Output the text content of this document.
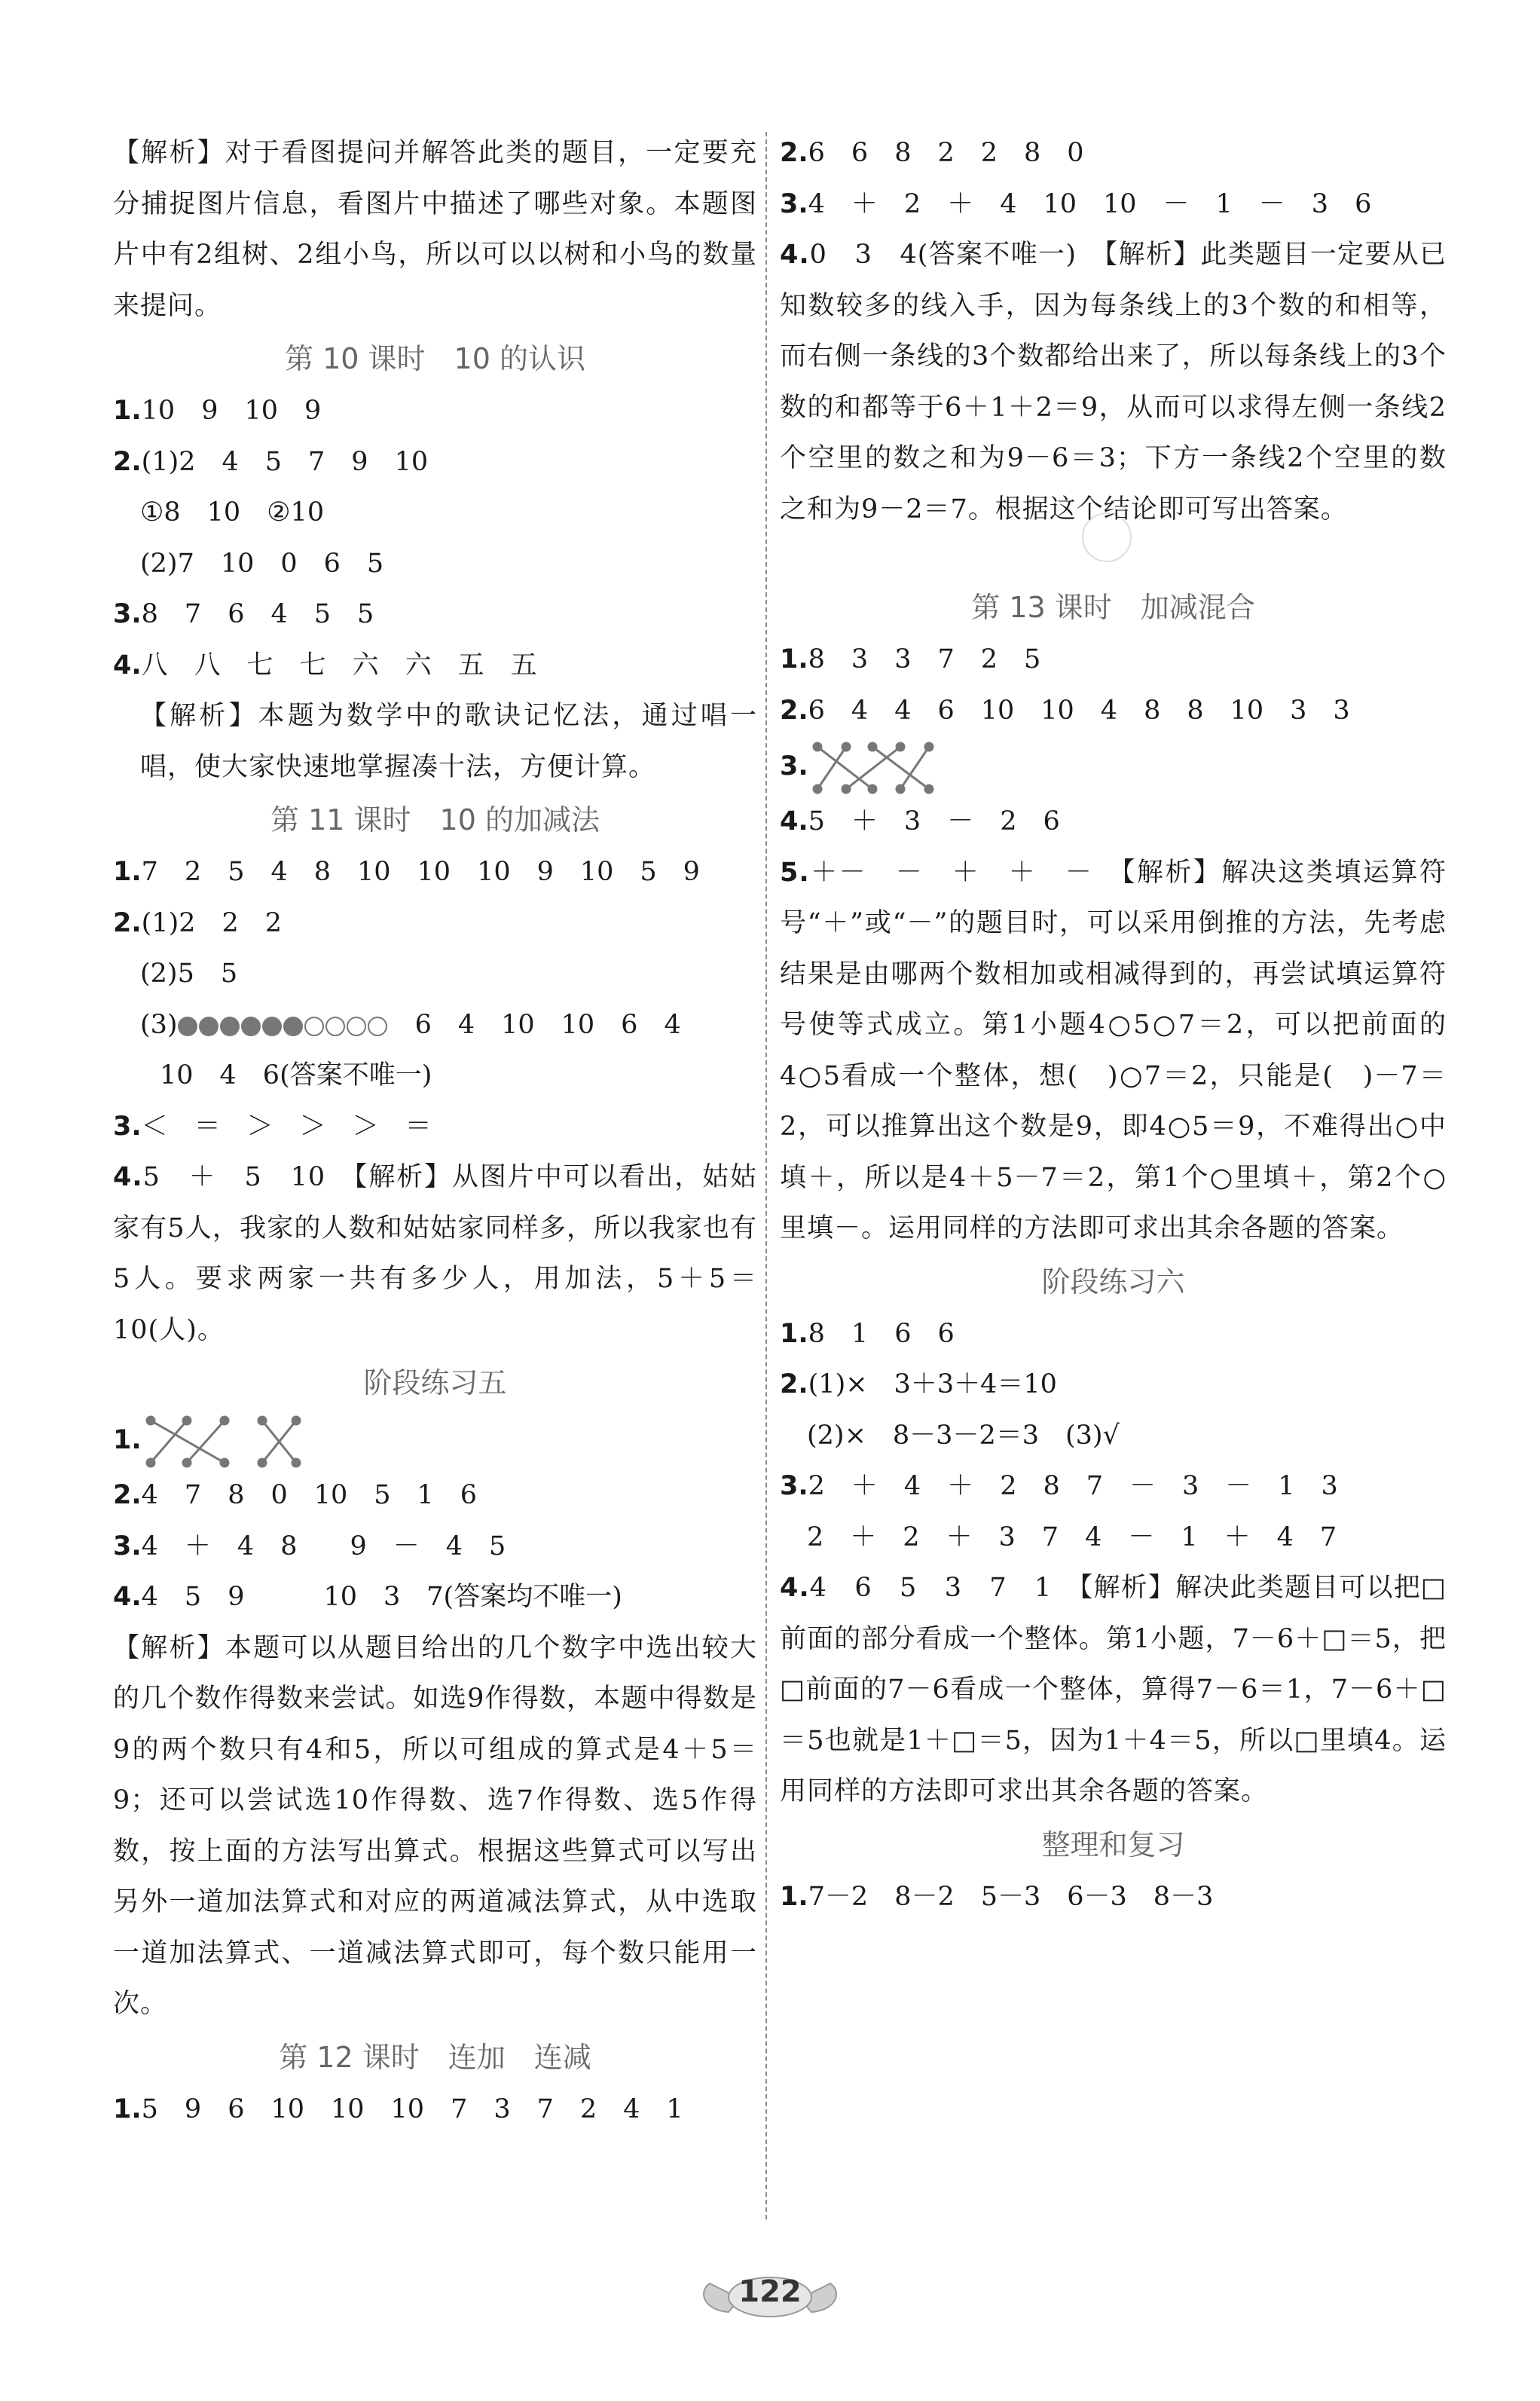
【解析】对于看图提问并解答此类的题目，一定要充分捕捉图片信息，看图片中描述了哪些对象。本题图片中有2组树、2组小鸟，所以可以以树和小鸟的数量来提问。
第 10 课时　10 的认识
1.10　9　10　9
2.(1)2　4　5　7　9　10
①8　10　②10
(2)7　10　0　6　5
3.8　7　6　4　5　5
4.八　八　七　七　六　六　五　五
【解析】本题为数学中的歌诀记忆法，通过唱一唱，使大家快速地掌握凑十法，方便计算。
第 11 课时　10 的加减法
1.7　2　5　4　8　10　10　10　9　10　5　9
2.(1)2　2　2
(2)5　5
(3)	　6　4　10　10　6　4
10　4　6(答案不唯一)
3.＜　＝　＞　＞　＞　＝
4.5　＋　5　10　【解析】从图片中可以看出，姑姑家有5人，我家的人数和姑姑家同样多，所以我家也有5人。要求两家一共有多少人，用加法，5＋5＝10(人)。
阶段练习五
1.
2.4　7　8　0　10　5　1　6
3.4　＋　4　8　　9　－　4　5
4.4　5　9　　　10　3　7(答案均不唯一)
【解析】本题可以从题目给出的几个数字中选出较大的几个数作得数来尝试。如选9作得数，本题中得数是9的两个数只有4和5，所以可组成的算式是4＋5＝9；还可以尝试选10作得数、选7作得数、选5作得数，按上面的方法写出算式。根据这些算式可以写出另外一道加法算式和对应的两道减法算式，从中选取一道加法算式、一道减法算式即可，每个数只能用一次。
第 12 课时　连加　连减
1.5　9　6　10　10　10　7　3　7　2　4　1
2.6　6　8　2　2　8　0
3.4　＋　2　＋　4　10　10　－　1　－　3　6
4.0　3　4(答案不唯一)　【解析】此类题目一定要从已知数较多的线入手，因为每条线上的3个数的和相等，而右侧一条线的3个数都给出来了，所以每条线上的3个数的和都等于6＋1＋2＝9，从而可以求得左侧一条线2个空里的数之和为9－6＝3；下方一条线2个空里的数之和为9－2＝7。根据这个结论即可写出答案。
第 13 课时　加减混合
1.8　3　3　7　2　5
2.6　4　4　6　10　10　4　8　8　10　3　3
3.
4.5　＋　3　－　2　6
5.＋－　－　＋　＋　－　【解析】解决这类填运算符号“＋”或“－”的题目时，可以采用倒推的方法，先考虑结果是由哪两个数相加或相减得到的，再尝试填运算符号使等式成立。第1小题4○5○7＝2，可以把前面的4○5看成一个整体，想(　)○7＝2，只能是(　)－7＝2，可以推算出这个数是9，即4○5＝9，不难得出○中填＋，所以是4＋5－7＝2，第1个○里填＋，第2个○里填－。运用同样的方法即可求出其余各题的答案。
阶段练习六
1.8　1　6　6
2.(1)×　3＋3＋4＝10
(2)×　8－3－2＝3　(3)√
3.2　＋　4　＋　2　8　7　－　3　－　1　3
2　＋　2　＋　3　7　4　－　1　＋　4　7
4.4　6　5　3　7　1　【解析】解决此类题目可以把□前面的部分看成一个整体。第1小题，7－6＋□＝5，把□前面的7－6看成一个整体，算得7－6＝1，7－6＋□＝5也就是1＋□＝5，因为1＋4＝5，所以□里填4。运用同样的方法即可求出其余各题的答案。
整理和复习
1.7－2　8－2　5－3　6－3　8－3
122
